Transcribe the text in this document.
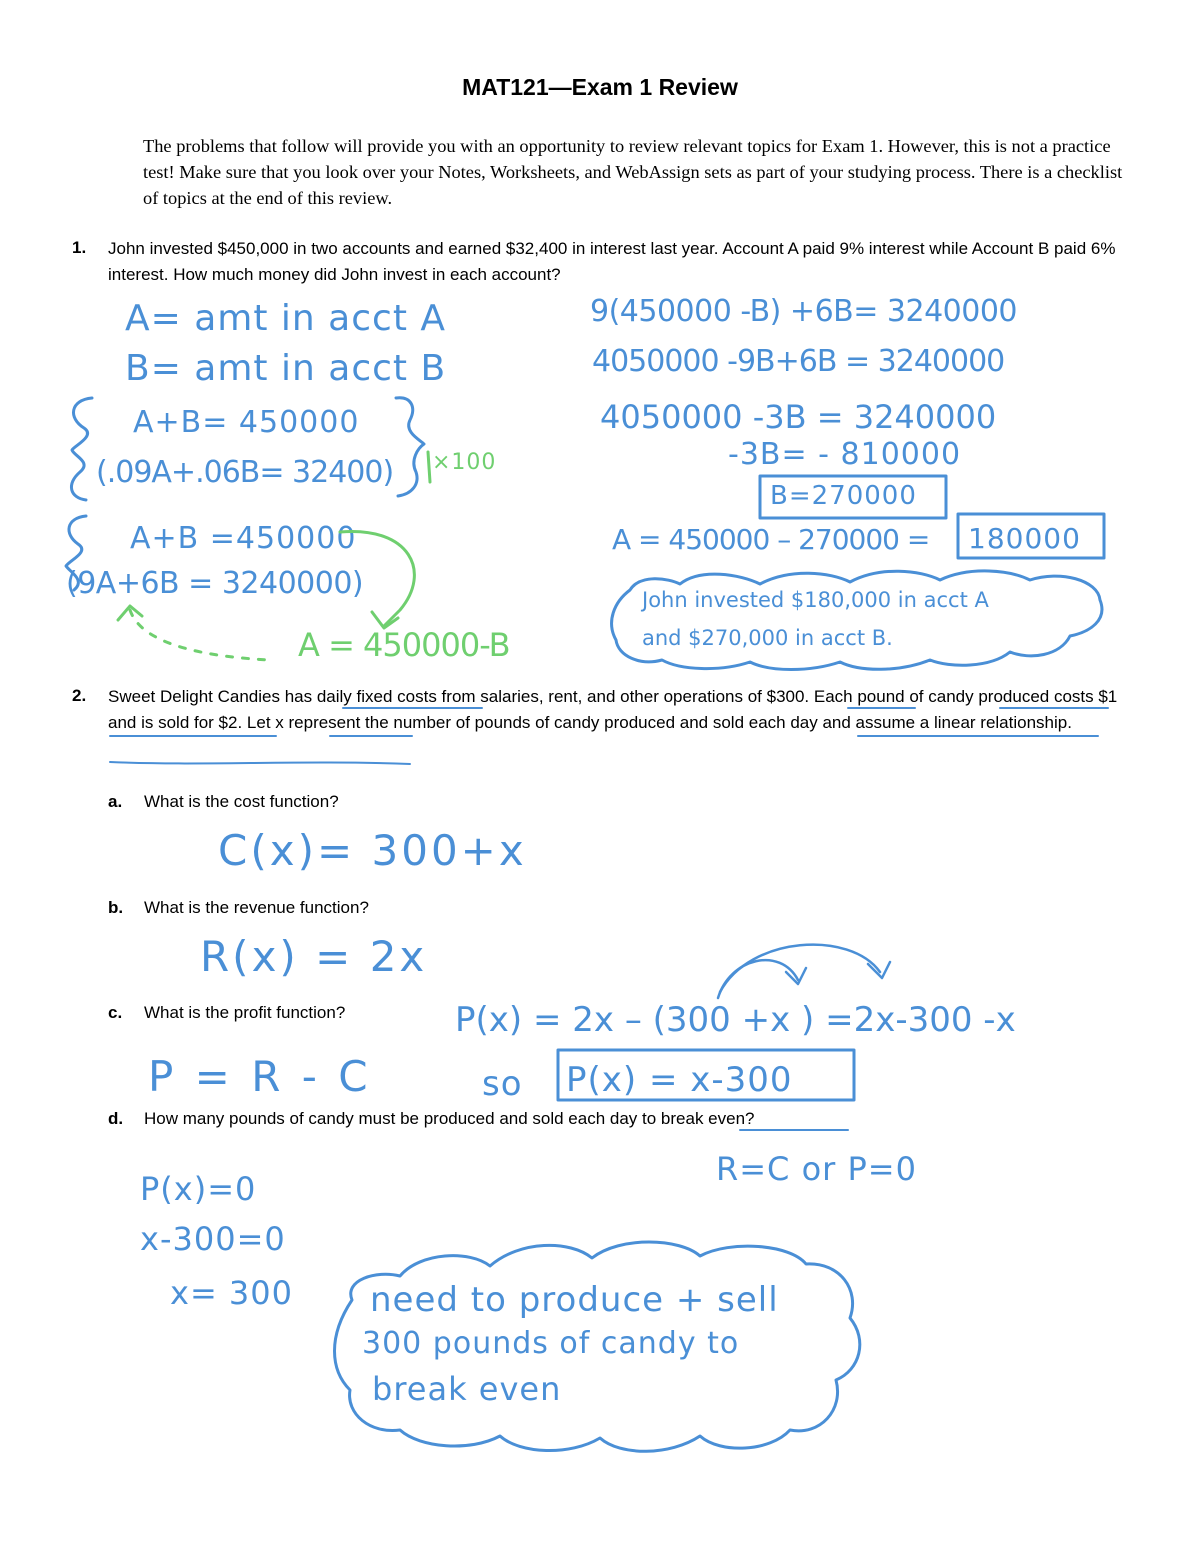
MAT121—Exam 1 Review

The problems that follow will provide you with an opportunity to review relevant topics for Exam 1. However, this is not a practice test! Make sure that you look over your Notes, Worksheets, and WebAssign sets as part of your studying process. There is a checklist of topics at the end of this review.

1. John invested $450,000 in two accounts and earned $32,400 in interest last year. Account A paid 9% interest while Account B paid 6% interest. How much money did John invest in each account?

2. Sweet Delight Candies has daily fixed costs from salaries, rent, and other operations of $300. Each pound of candy produced costs $1 and is sold for $2. Let x represent the number of pounds of candy produced and sold each day and assume a linear relationship.

a. What is the cost function?
b. What is the revenue function?
c. What is the profit function?
d. How many pounds of candy must be produced and sold each day to break even?
A= amt in acct A
B= amt in acct B
A+B= 450000
(.09A+.06B= 32400) ×100
A+B =450000
(9A+6B = 3240000)
A = 450000-B
9(450000 -B) +6B= 3240000
4050000 -9B+6B = 3240000
4050000 -3B = 3240000
-3B= - 810000
B=270000
A = 450000 – 270000 = 180000
John invested $180,000 in acct A
and $270,000 in acct B.
C(x)= 300+x
R(x) = 2x
P = R - C
P(x) = 2x – (300 +x ) =2x-300 -x
so P(x) = x-300
R=C or P=0
P(x)=0
x-300=0
x= 300 need to produce + sell
300 pounds of candy to
break even
